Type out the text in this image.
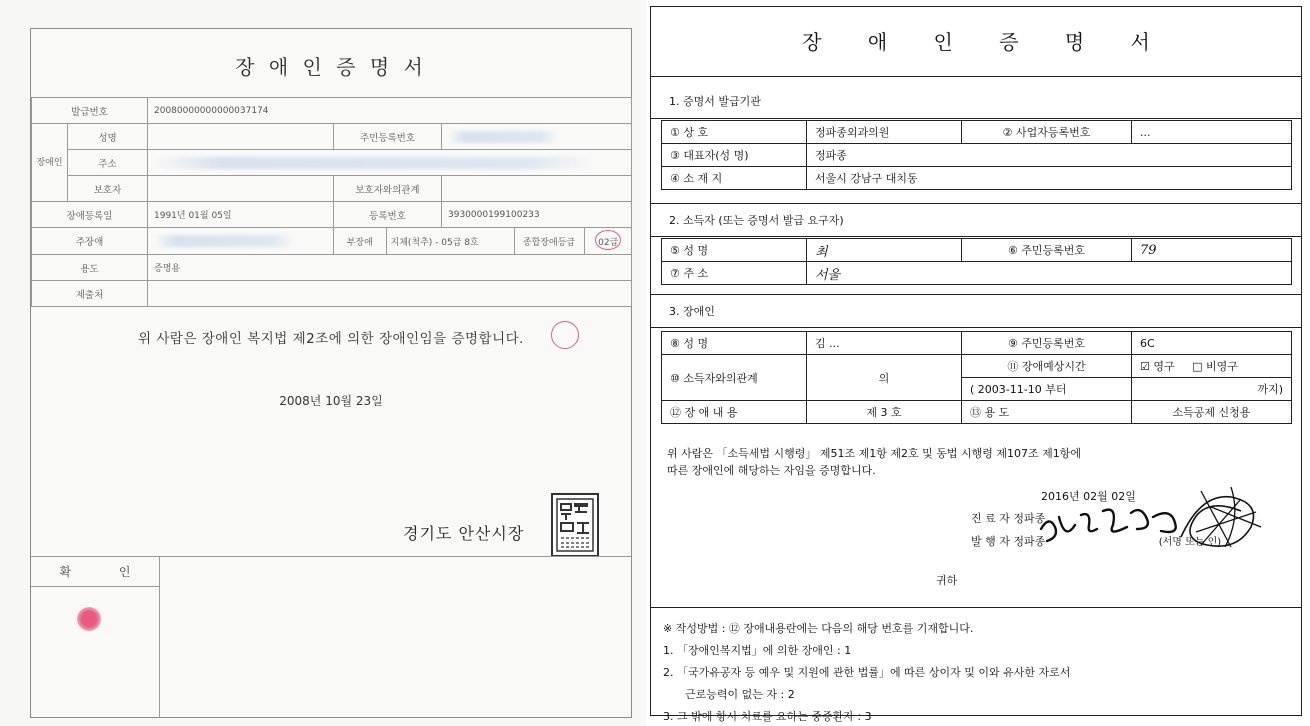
장 애 인 증 명 서
발급번호	20080000000000037174
장애인	성명		주민등록번호	
주소	
보호자		보호자와의관계	
장애등록일	1991년 01월 05일	등록번호	3930000199100233
주장애			부장애	지체(척추) - 05급 8호	종합장애등급	02급

용도	증명용
제출처	
위 사람은 장애인 복지법 제2조에 의한 장애인임을 증명합니다.
2008년 10월 23일
경기도 안산시장
확 인
장 애 인 증 명 서
1. 증명서 발급기관
① 상 호	정파종외과의원	② 사업자등록번호	...
③ 대표자(성 명)	정파종		
④ 소 재 지	서울시 강남구 대치동		
2. 소득자 (또는 증명서 발급 요구자)
⑤ 성 명	최	⑥ 주민등록번호	79
⑦ 주 소	서울		
3. 장애인
⑧ 성 명	김 ...	⑨ 주민등록번호	6C
⑩ 소득자와의관계	의	⑪ 장애예상시간	☑ 영구 □ 비영구
		( 2003-11-10 부터	까지)
⑫ 장 애 내 용	제 3 호	⑬ 용 도	소득공제 신청용
위 사람은 「소득세법 시행령」 제51조 제1항 제2호 및 동법 시행령 제107조 제1항에
따른 장애인에 해당하는 자임을 증명합니다.
2016년 02월 02일
진 료 자 정파종
발 행 자 정파종	(서명 또는 인)
귀하
※ 작성방법 : ⑫ 장애내용란에는 다음의 해당 번호를 기재합니다.
1. 「장애인복지법」에 의한 장애인 : 1
2. 「국가유공자 등 예우 및 지원에 관한 법률」에 따른 상이자 및 이와 유사한 자로서
근로능력이 없는 자 : 2
3. 그 밖에 항시 치료를 요하는 중증환자 : 3
